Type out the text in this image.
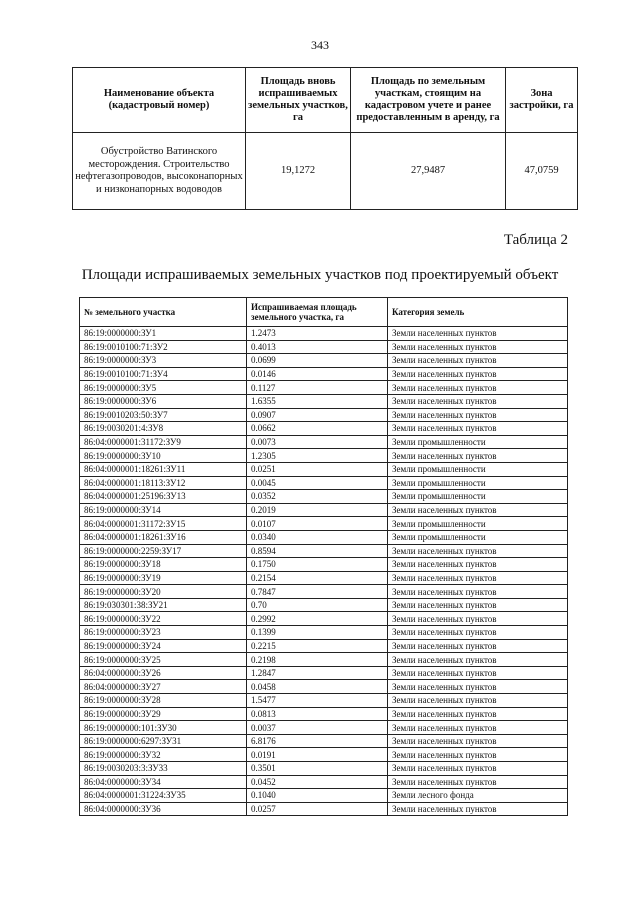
343
Наименование объекта (кадастровый номер)	Площадь вновь испрашиваемых земельных участков, га	Площадь по земельным участкам, стоящим на кадастровом учете и ранее предоставленным в аренду, га	Зона застройки, га
Обустройство Ватинского месторождения. Строительство нефтегазопроводов, высоконапорных и низконапорных водоводов	19,1272	27,9487	47,0759
Таблица 2
Площади испрашиваемых земельных участков под проектируемый объект
№ земельного участка	Испрашиваемая площадь земельного участка, га	Категория земель
86:19:0000000:ЗУ1	1.2473	Земли населенных пунктов
86:19:0010100:71:ЗУ2	0.4013	Земли населенных пунктов
86:19:0000000:ЗУ3	0.0699	Земли населенных пунктов
86:19:0010100:71:ЗУ4	0.0146	Земли населенных пунктов
86:19:0000000:ЗУ5	0.1127	Земли населенных пунктов
86:19:0000000:ЗУ6	1.6355	Земли населенных пунктов
86:19:0010203:50:ЗУ7	0.0907	Земли населенных пунктов
86:19:0030201:4:ЗУ8	0.0662	Земли населенных пунктов
86:04:0000001:31172:ЗУ9	0.0073	Земли промышленности
86:19:0000000:ЗУ10	1.2305	Земли населенных пунктов
86:04:0000001:18261:ЗУ11	0.0251	Земли промышленности
86:04:0000001:18113:ЗУ12	0.0045	Земли промышленности
86:04:0000001:25196:ЗУ13	0.0352	Земли промышленности
86:19:0000000:ЗУ14	0.2019	Земли населенных пунктов
86:04:0000001:31172:ЗУ15	0.0107	Земли промышленности
86:04:0000001:18261:ЗУ16	0.0340	Земли промышленности
86:19:0000000:2259:ЗУ17	0.8594	Земли населенных пунктов
86:19:0000000:ЗУ18	0.1750	Земли населенных пунктов
86:19:0000000:ЗУ19	0.2154	Земли населенных пунктов
86:19:0000000:ЗУ20	0.7847	Земли населенных пунктов
86:19:030301:38:ЗУ21	0.70	Земли населенных пунктов
86:19:0000000:ЗУ22	0.2992	Земли населенных пунктов
86:19:0000000:ЗУ23	0.1399	Земли населенных пунктов
86:19:0000000:ЗУ24	0.2215	Земли населенных пунктов
86:19:0000000:ЗУ25	0.2198	Земли населенных пунктов
86:04:0000000:ЗУ26	1.2847	Земли населенных пунктов
86:04:0000000:ЗУ27	0.0458	Земли населенных пунктов
86:19:0000000:ЗУ28	1.5477	Земли населенных пунктов
86:19:0000000:ЗУ29	0.0813	Земли населенных пунктов
86:19:0000000:101:ЗУ30	0.0037	Земли населенных пунктов
86:19:0000000:6297:ЗУ31	6.8176	Земли населенных пунктов
86:19:0000000:ЗУ32	0.0191	Земли населенных пунктов
86:19:0030203:3:ЗУ33	0.3501	Земли населенных пунктов
86:04:0000000:ЗУ34	0.0452	Земли населенных пунктов
86:04:0000001:31224:ЗУ35	0.1040	Земли лесного фонда
86:04:0000000:ЗУ36	0.0257	Земли населенных пунктов
